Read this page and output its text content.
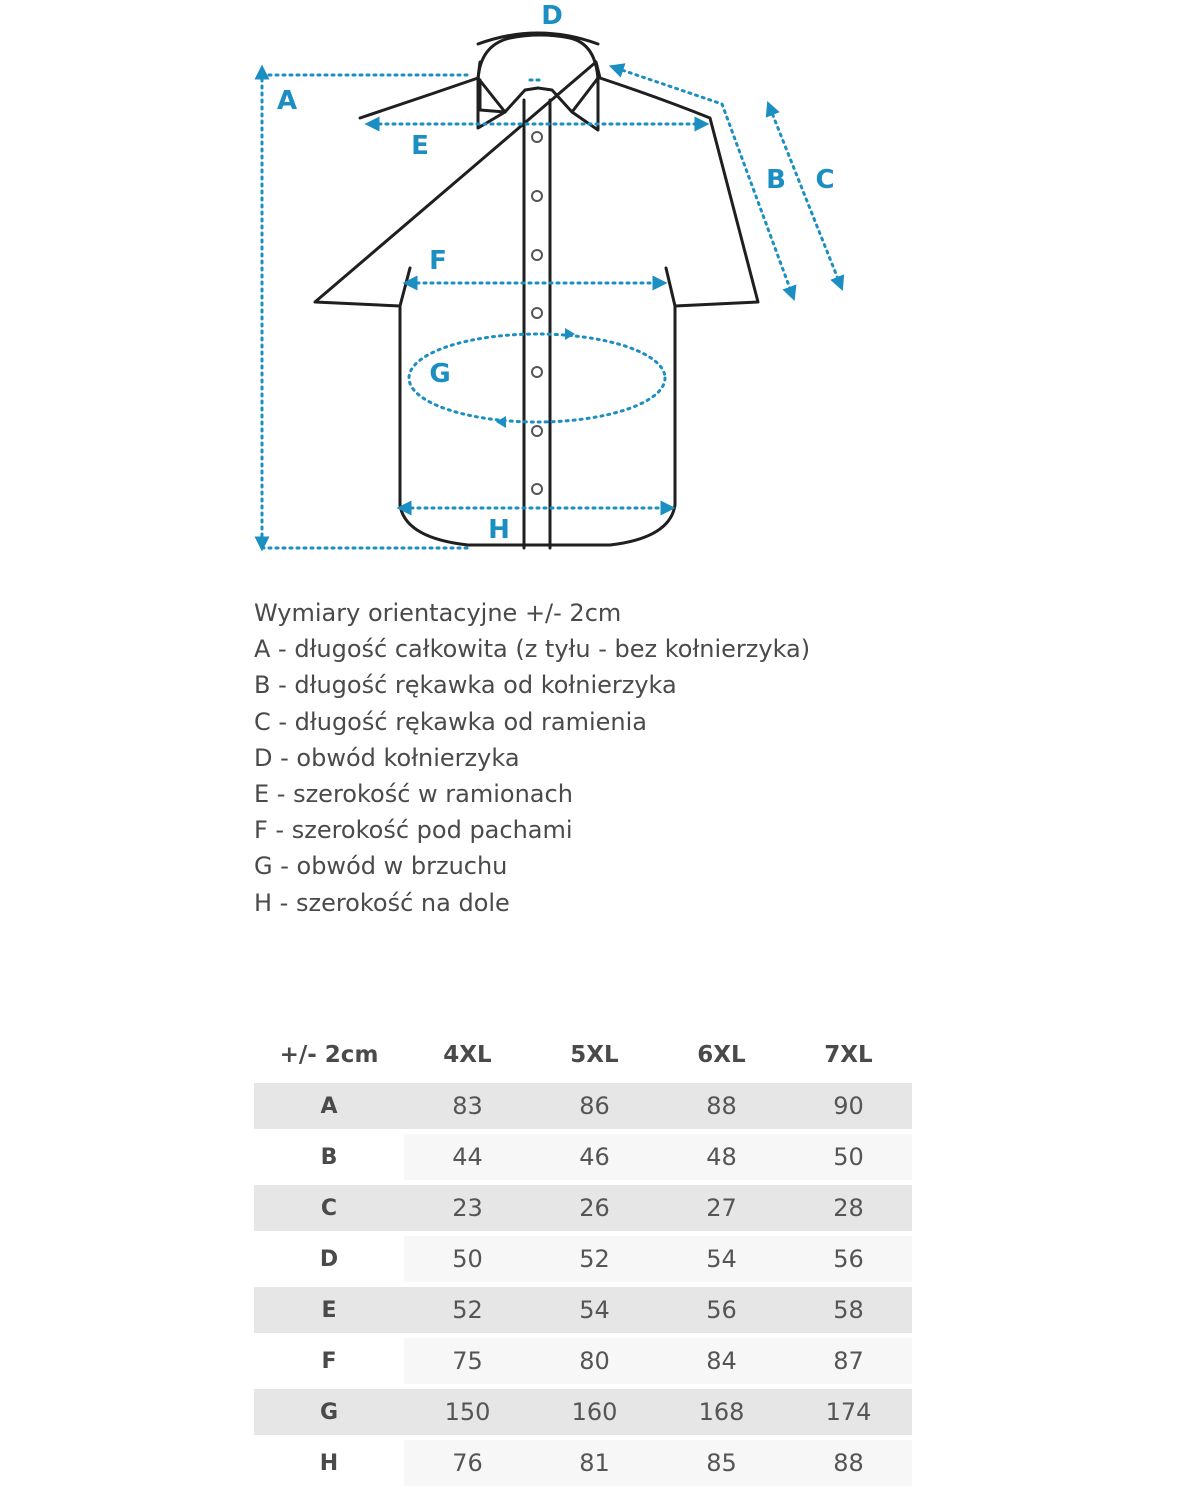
D
A
E
B C
F
G
H
Wymiary orientacyjne +/- 2cm
A - długość całkowita (z tyłu - bez kołnierzyka)
B - długość rękawka od kołnierzyka
C - długość rękawka od ramienia
D - obwód kołnierzyka
E - szerokość w ramionach
F - szerokość pod pachami
G - obwód w brzuchu
H - szerokość na dole
+/- 2cm	4XL	5XL	6XL	7XL
A	83	86	88	90
B	44	46	48	50
C	23	26	27	28
D	50	52	54	56
E	52	54	56	58
F	75	80	84	87
G	150	160	168	174
H	76	81	85	88
